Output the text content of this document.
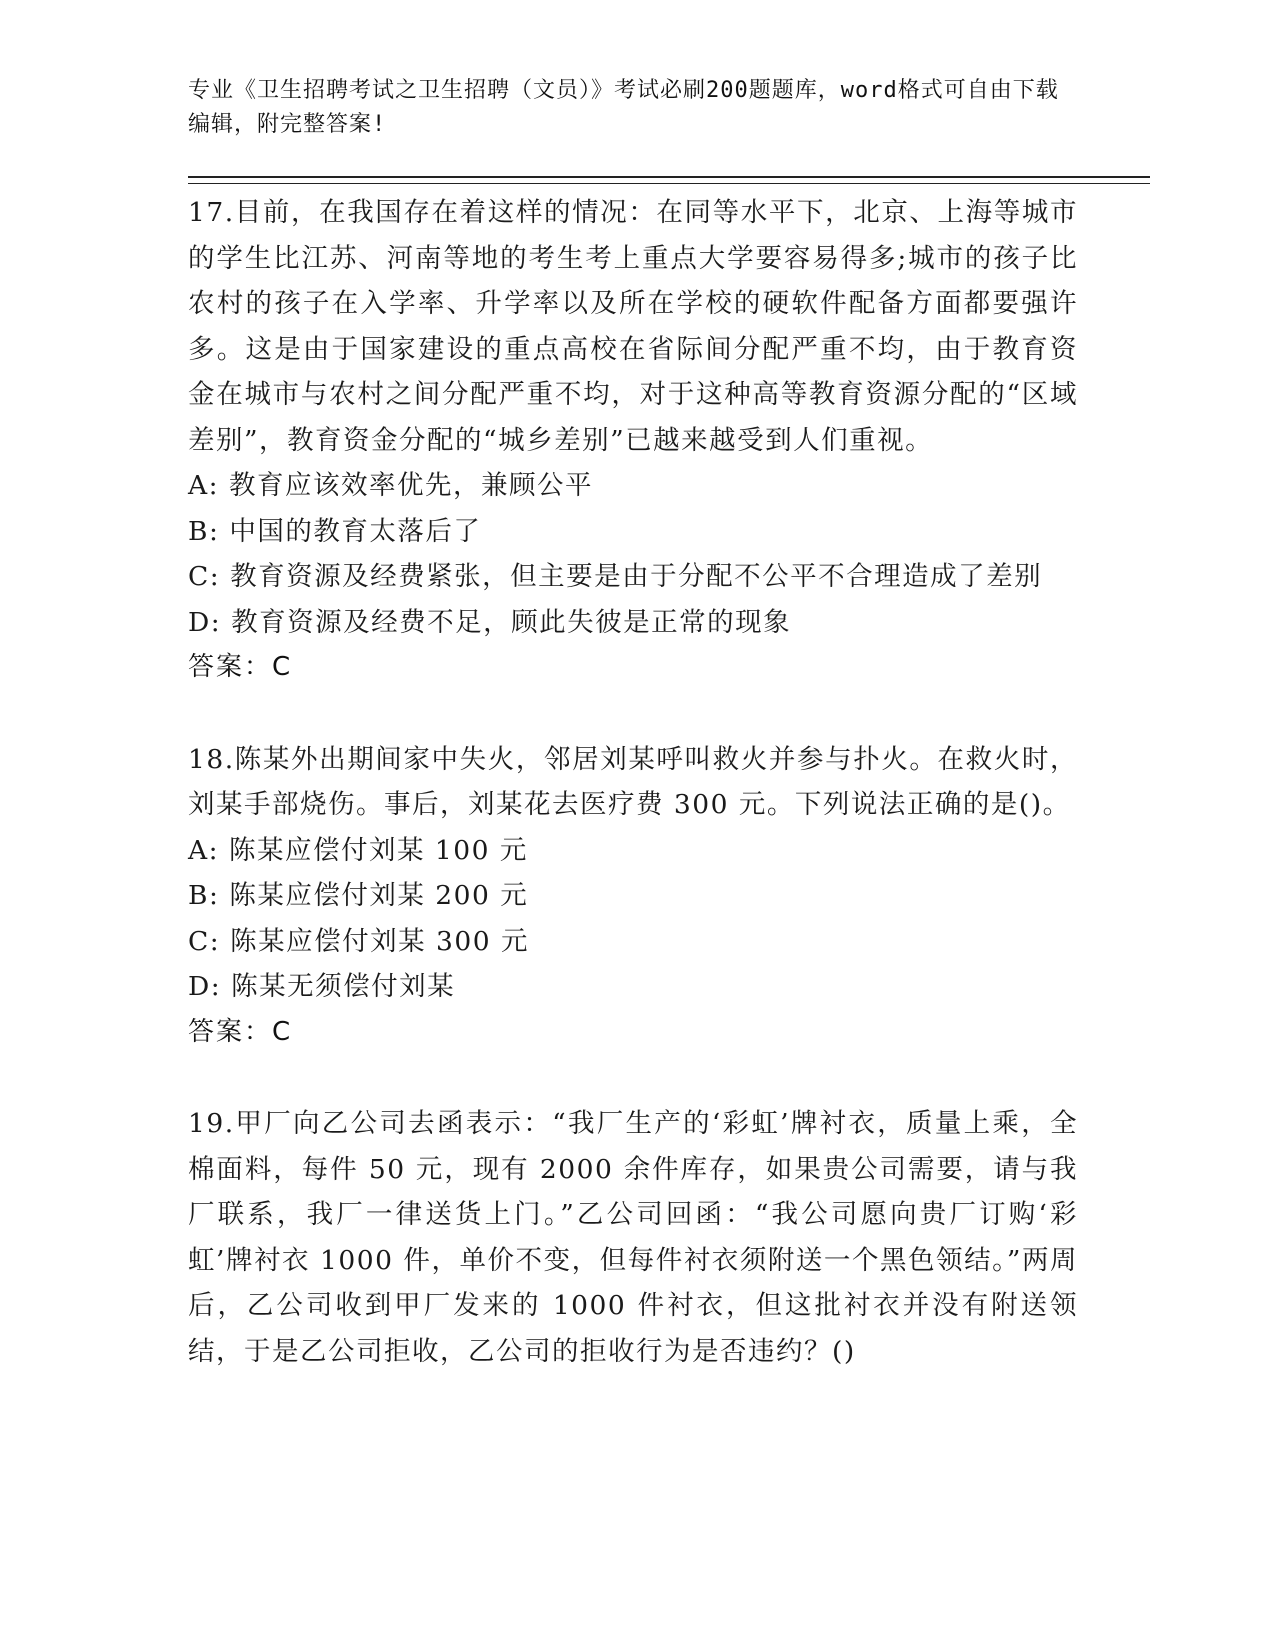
专业《卫生招聘考试之卫生招聘（文员）》考试必刷200题题库，word格式可自由下载编辑，附完整答案!

17.目前，在我国存在着这样的情况：在同等水平下，北京、上海等城市的学生比江苏、河南等地的考生考上重点大学要容易得多;城市的孩子比农村的孩子在入学率、升学率以及所在学校的硬软件配备方面都要强许多。这是由于国家建设的重点高校在省际间分配严重不均，由于教育资金在城市与农村之间分配严重不均，对于这种高等教育资源分配的“区域差别”，教育资金分配的“城乡差别”已越来越受到人们重视。

A: 教育应该效率优先，兼顾公平

B: 中国的教育太落后了

C: 教育资源及经费紧张，但主要是由于分配不公平不合理造成了差别

D: 教育资源及经费不足，顾此失彼是正常的现象

答案：C

18.陈某外出期间家中失火，邻居刘某呼叫救火并参与扑火。在救火时，刘某手部烧伤。事后，刘某花去医疗费 300 元。下列说法正确的是()。

A: 陈某应偿付刘某 100 元

B: 陈某应偿付刘某 200 元

C: 陈某应偿付刘某 300 元

D: 陈某无须偿付刘某

答案：C

19.甲厂向乙公司去函表示：“我厂生产的‘彩虹’牌衬衣，质量上乘，全棉面料，每件 50 元，现有 2000 余件库存，如果贵公司需要，请与我厂联系，我厂一律送货上门。”乙公司回函：“我公司愿向贵厂订购‘彩虹’牌衬衣 1000 件，单价不变，但每件衬衣须附送一个黑色领结。”两周后，乙公司收到甲厂发来的 1000 件衬衣，但这批衬衣并没有附送领结，于是乙公司拒收，乙公司的拒收行为是否违约？()
